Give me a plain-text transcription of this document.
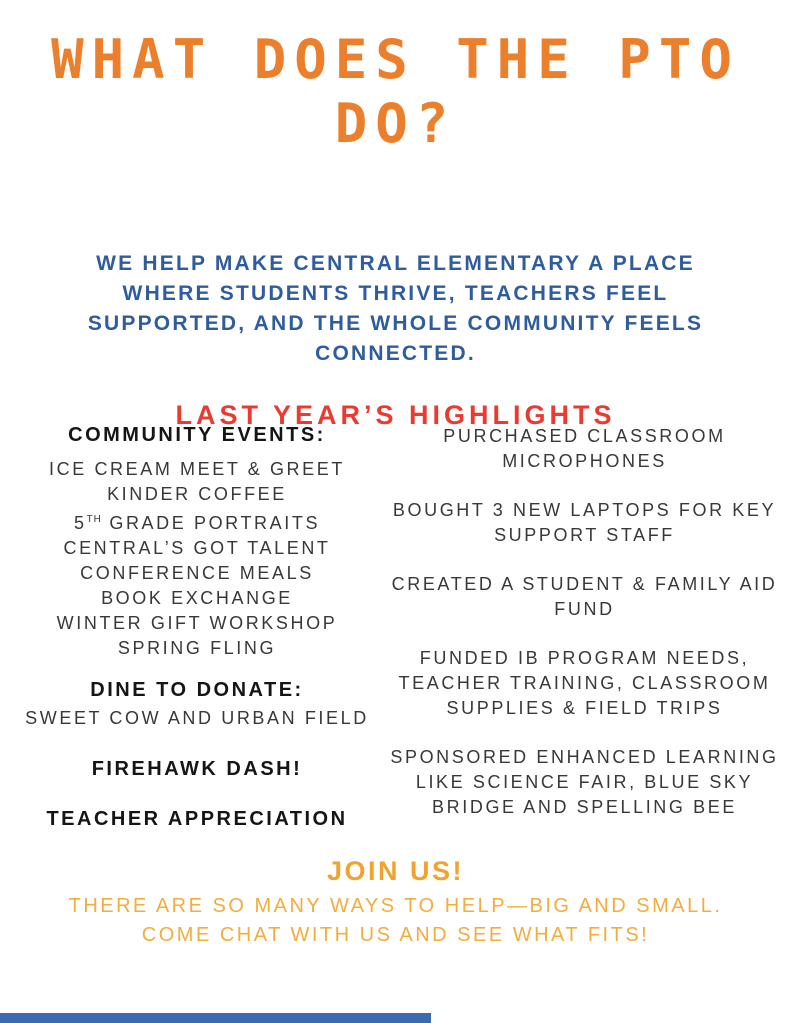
WHAT DOES THE PTO
DO?

WE HELP MAKE CENTRAL ELEMENTARY A PLACE WHERE STUDENTS THRIVE, TEACHERS FEEL SUPPORTED, AND THE WHOLE COMMUNITY FEELS CONNECTED.

LAST YEAR’S HIGHLIGHTS
COMMUNITY EVENTS:
ICE CREAM MEET & GREET
KINDER COFFEE
5TH GRADE PORTRAITS
CENTRAL’S GOT TALENT
CONFERENCE MEALS
BOOK EXCHANGE
WINTER GIFT WORKSHOP
SPRING FLING
DINE TO DONATE:
SWEET COW AND URBAN FIELD
FIREHAWK DASH!
TEACHER APPRECIATION

PURCHASED CLASSROOM MICROPHONES

BOUGHT 3 NEW LAPTOPS FOR KEY SUPPORT STAFF

CREATED A STUDENT & FAMILY AID FUND

FUNDED IB PROGRAM NEEDS, TEACHER TRAINING, CLASSROOM SUPPLIES & FIELD TRIPS

SPONSORED ENHANCED LEARNING LIKE SCIENCE FAIR, BLUE SKY BRIDGE AND SPELLING BEE

JOIN US!

THERE ARE SO MANY WAYS TO HELP—BIG AND SMALL. COME CHAT WITH US AND SEE WHAT FITS!
